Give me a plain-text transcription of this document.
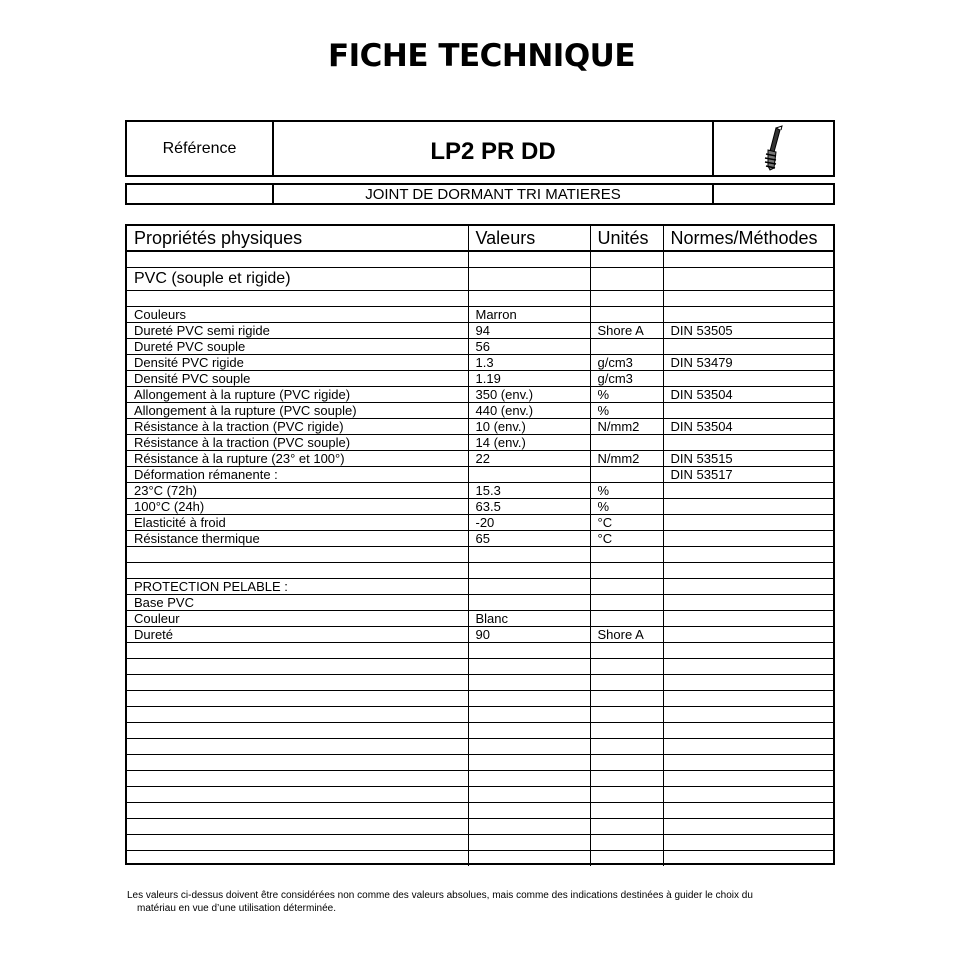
FICHE TECHNIQUE
Référence	LP2 PR DD
JOINT DE DORMANT TRI MATIERES
Propriétés physiques	Valeurs	Unités	Normes/Méthodes

PVC (souple et rigide)			

Couleurs	Marron		
Dureté PVC semi rigide	94	Shore A	DIN 53505
Dureté PVC souple	56		
Densité PVC rigide	1.3	g/cm3	DIN 53479
Densité PVC souple	1.19	g/cm3	
Allongement à la rupture (PVC rigide)	350 (env.)	%	DIN 53504
Allongement à la rupture (PVC souple)	440 (env.)	%	
Résistance à la traction (PVC rigide)	10 (env.)	N/mm2	DIN 53504
Résistance à la traction (PVC souple)	14 (env.)		
Résistance à la rupture (23° et 100°)	22	N/mm2	DIN 53515
Déformation rémanente :			DIN 53517
23°C (72h)	15.3	%	
100°C (24h)	63.5	%	
Elasticité à froid	-20	°C	
Résistance thermique	65	°C	

PROTECTION PELABLE :			
Base PVC			
Couleur	Blanc		
Dureté	90	Shore A	

Les valeurs ci-dessus doivent être considérées non comme des valeurs absolues, mais comme des indications destinées à guider le choix du
matériau en vue d’une utilisation déterminée.
